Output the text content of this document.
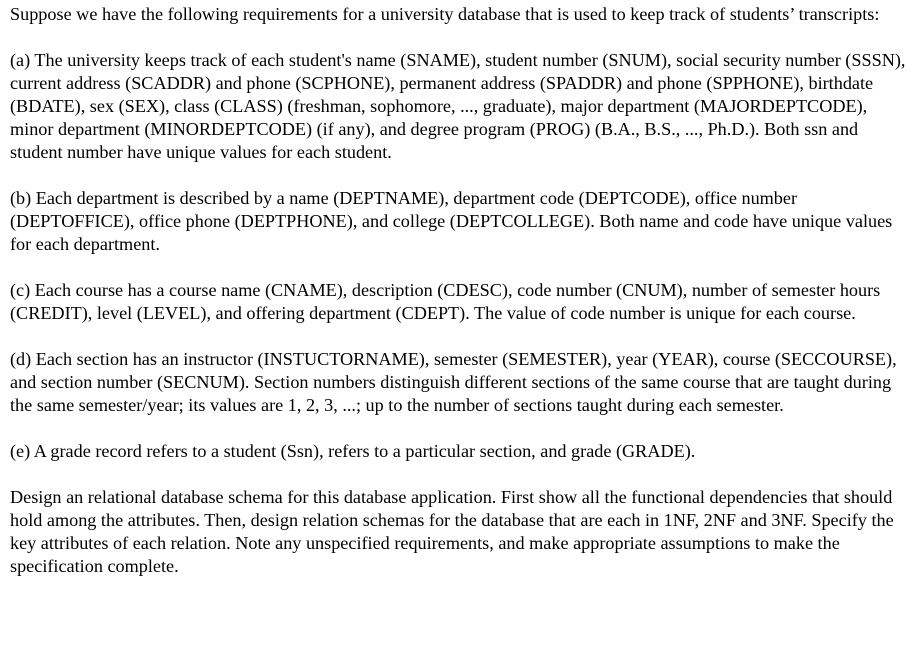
Suppose we have the following requirements for a university database that is used to keep track of students’ transcripts:

(a) The university keeps track of each student's name (SNAME), student number (SNUM), social security number (SSSN), current address (SCADDR) and phone (SCPHONE), permanent address (SPADDR) and phone (SPPHONE), birthdate (BDATE), sex (SEX), class (CLASS) (freshman, sophomore, ..., graduate), major department (MAJORDEPTCODE), minor department (MINORDEPTCODE) (if any), and degree program (PROG) (B.A., B.S., ..., Ph.D.). Both ssn and student number have unique values for each student.

(b) Each department is described by a name (DEPTNAME), department code (DEPTCODE), office number (DEPTOFFICE), office phone (DEPTPHONE), and college (DEPTCOLLEGE). Both name and code have unique values for each department.

(c) Each course has a course name (CNAME), description (CDESC), code number (CNUM), number of semester hours (CREDIT), level (LEVEL), and offering department (CDEPT). The value of code number is unique for each course.

(d) Each section has an instructor (INSTUCTORNAME), semester (SEMESTER), year (YEAR), course (SECCOURSE), and section number (SECNUM). Section numbers distinguish different sections of the same course that are taught during the same semester/year; its values are 1, 2, 3, ...; up to the number of sections taught during each semester.

(e) A grade record refers to a student (Ssn), refers to a particular section, and grade (GRADE).

Design an relational database schema for this database application. First show all the functional dependencies that should hold among the attributes. Then, design relation schemas for the database that are each in 1NF, 2NF and 3NF. Specify the key attributes of each relation. Note any unspecified requirements, and make appropriate assumptions to make the specification complete.
